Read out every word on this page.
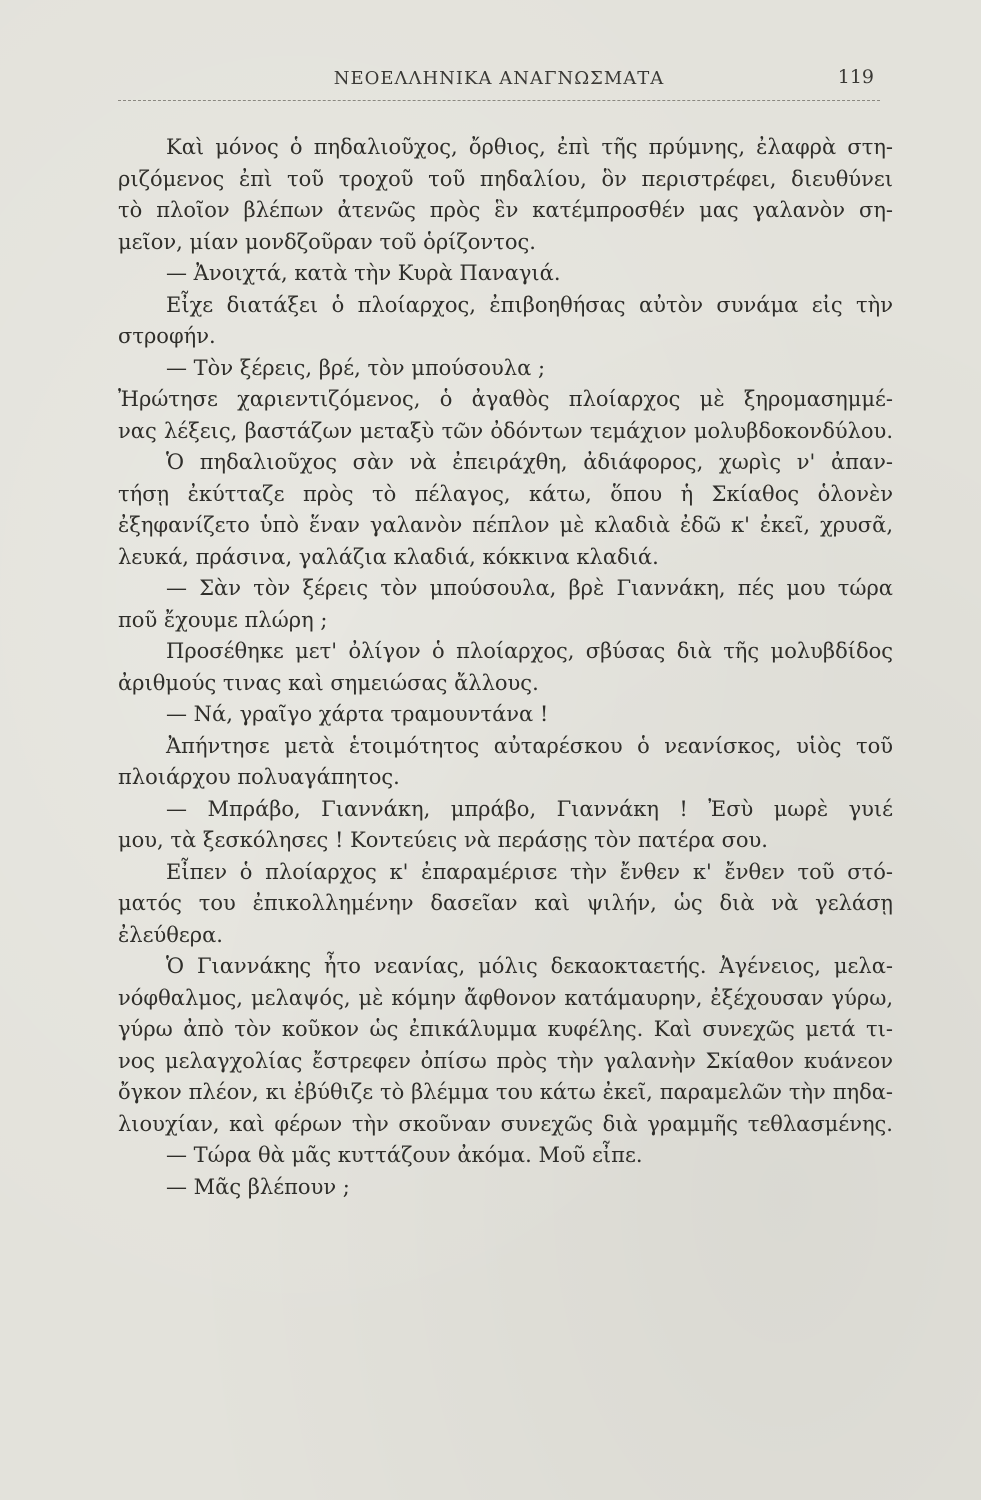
ΝΕΟΕΛΛΗΝΙΚΑ ΑΝΑΓΝΩΣΜΑΤΑ	119
Καὶ μόνος ὁ πηδαλιοῦχος, ὄρθιος, ἐπὶ τῆς πρύμνης, ἐλαφρὰ στη-
ριζόμενος ἐπὶ τοῦ τροχοῦ τοῦ πηδαλίου, ὃν περιστρέφει, διευθύνει
τὸ πλοῖον βλέπων ἀτενῶς πρὸς ἓν κατέμπροσθέν μας γαλανὸν ση-
μεῖον, μίαν μονδζοῦραν τοῦ ὁρίζοντος.
— Ἀνοιχτά, κατὰ τὴν Κυρὰ Παναγιά.
Εἶχε διατάξει ὁ πλοίαρχος, ἐπιβοηθήσας αὐτὸν συνάμα εἰς τὴν
στροφήν.
— Τὸν ξέρεις, βρέ, τὸν μπούσουλα ;
Ἠρώτησε χαριεντιζόμενος, ὁ ἀγαθὸς πλοίαρχος μὲ ξηρομασημμέ-
νας λέξεις, βαστάζων μεταξὺ τῶν ὀδόντων τεμάχιον μολυβδοκονδύλου.
Ὁ πηδαλιοῦχος σὰν νὰ ἐπειράχθη, ἀδιάφορος, χωρὶς ν' ἀπαν-
τήσῃ ἐκύτταζε πρὸς τὸ πέλαγος, κάτω, ὅπου ἡ Σκίαθος ὁλονὲν
ἐξηφανίζετο ὑπὸ ἕναν γαλανὸν πέπλον μὲ κλαδιὰ ἐδῶ κ' ἐκεῖ, χρυσᾶ,
λευκά, πράσινα, γαλάζια κλαδιά, κόκκινα κλαδιά.
— Σὰν τὸν ξέρεις τὸν μπούσουλα, βρὲ Γιαννάκη, πές μου τώρα
ποῦ ἔχουμε πλώρη ;
Προσέθηκε μετ' ὀλίγον ὁ πλοίαρχος, σβύσας διὰ τῆς μολυβδίδος
ἀριθμούς τινας καὶ σημειώσας ἄλλους.
— Νά, γραῖγο χάρτα τραμουντάνα !
Ἀπήντησε μετὰ ἑτοιμότητος αὐταρέσκου ὁ νεανίσκος, υἱὸς τοῦ
πλοιάρχου πολυαγάπητος.
— Μπράβο, Γιαννάκη, μπράβο, Γιαννάκη ! Ἐσὺ μωρὲ γυιέ
μου, τὰ ξεσκόλησες ! Κοντεύεις νὰ περάσῃς τὸν πατέρα σου.
Εἶπεν ὁ πλοίαρχος κ' ἐπαραμέρισε τὴν ἔνθεν κ' ἔνθεν τοῦ στό-
ματός του ἐπικολλημένην δασεῖαν καὶ ψιλήν, ὡς διὰ νὰ γελάσῃ
ἐλεύθερα.
Ὁ Γιαννάκης ἦτο νεανίας, μόλις δεκαοκταετής. Ἀγένειος, μελα-
νόφθαλμος, μελαψός, μὲ κόμην ἄφθονον κατάμαυρην, ἐξέχουσαν γύρω,
γύρω ἀπὸ τὸν κοῦκον ὡς ἐπικάλυμμα κυφέλης. Καὶ συνεχῶς μετά τι-
νος μελαγχολίας ἔστρεφεν ὀπίσω πρὸς τὴν γαλανὴν Σκίαθον κυάνεον
ὄγκον πλέον, κι ἐβύθιζε τὸ βλέμμα του κάτω ἐκεῖ, παραμελῶν τὴν πηδα-
λιουχίαν, καὶ φέρων τὴν σκοῦναν συνεχῶς διὰ γραμμῆς τεθλασμένης.
— Τώρα θὰ μᾶς κυττάζουν ἀκόμα. Μοῦ εἶπε.
— Μᾶς βλέπουν ;
